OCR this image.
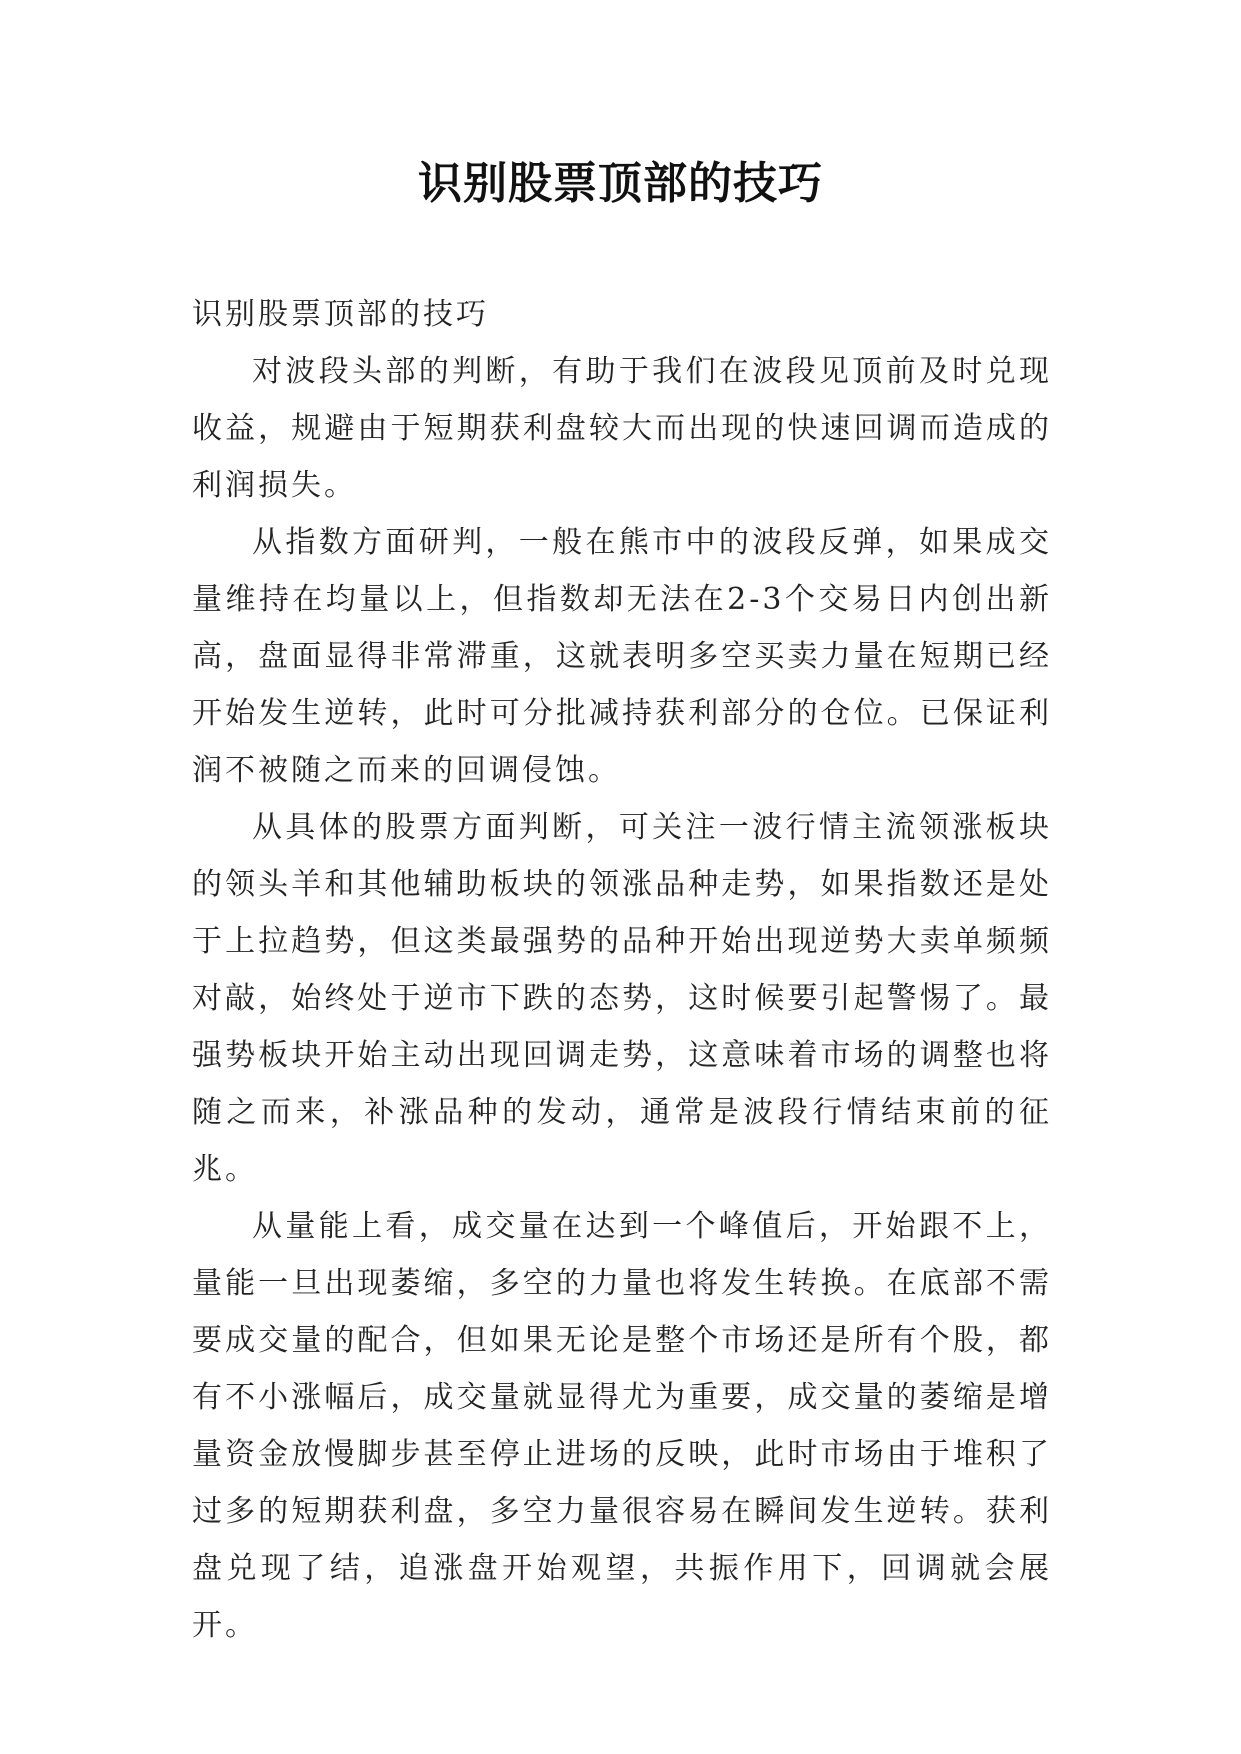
识别股票顶部的技巧

识别股票顶部的技巧

对波段头部的判断，有助于我们在波段见顶前及时兑现收益，规避由于短期获利盘较大而出现的快速回调而造成的利润损失。

从指数方面研判，一般在熊市中的波段反弹，如果成交量维持在均量以上，但指数却无法在2-3个交易日内创出新高，盘面显得非常滞重，这就表明多空买卖力量在短期已经开始发生逆转，此时可分批减持获利部分的仓位。已保证利润不被随之而来的回调侵蚀。

从具体的股票方面判断，可关注一波行情主流领涨板块的领头羊和其他辅助板块的领涨品种走势，如果指数还是处于上拉趋势，但这类最强势的品种开始出现逆势大卖单频频对敲，始终处于逆市下跌的态势，这时候要引起警惕了。最强势板块开始主动出现回调走势，这意味着市场的调整也将随之而来，补涨品种的发动，通常是波段行情结束前的征兆。

从量能上看，成交量在达到一个峰值后，开始跟不上，量能一旦出现萎缩，多空的力量也将发生转换。在底部不需要成交量的配合，但如果无论是整个市场还是所有个股，都有不小涨幅后，成交量就显得尤为重要，成交量的萎缩是增量资金放慢脚步甚至停止进场的反映，此时市场由于堆积了过多的短期获利盘，多空力量很容易在瞬间发生逆转。获利盘兑现了结，追涨盘开始观望，共振作用下，回调就会展开。
